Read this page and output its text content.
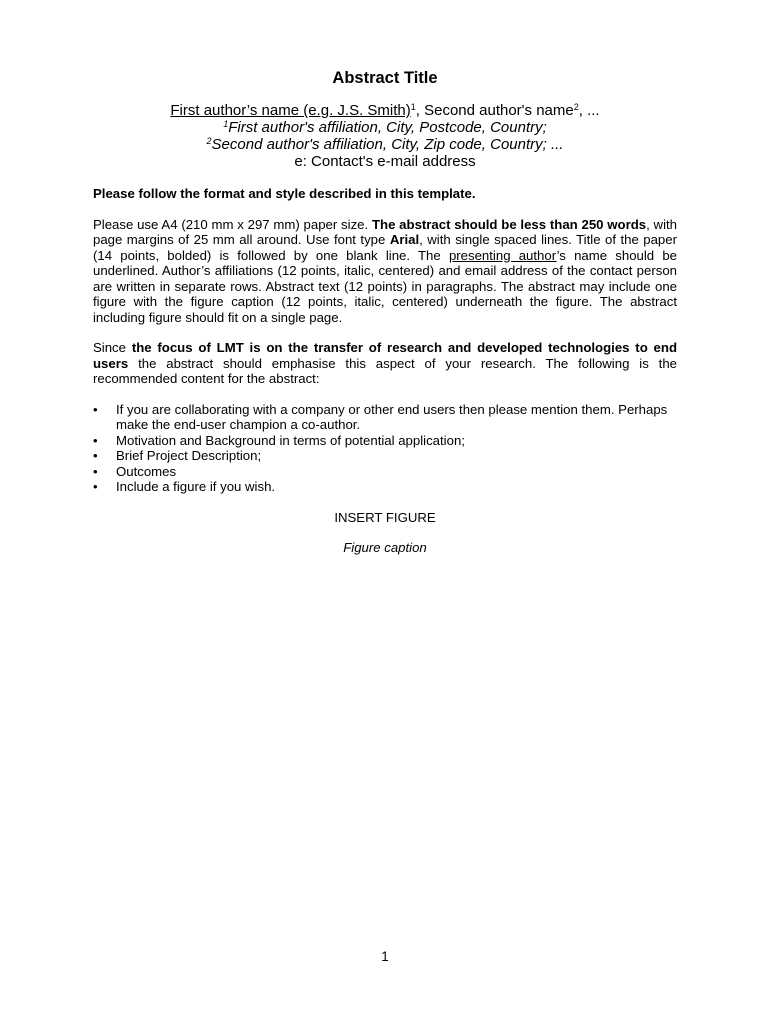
Abstract Title
First author’s name (e.g. J.S. Smith)$^1$, Second author's name$^2$, ...
$^1$First author's affiliation, City, Postcode, Country;
$^2$Second author's affiliation, City, Zip code, Country; ...
e: Contact's e-mail address

Please follow the format and style described in this template.

Please use A4 (210 mm x 297 mm) paper size. The abstract should be less than 250 words, with page margins of 25 mm all around. Use font type Arial, with single spaced lines. Title of the paper (14 points, bolded) is followed by one blank line. The presenting author’s name should be underlined. Author’s affiliations (12 points, italic, centered) and email address of the contact person are written in separate rows. Abstract text (12 points) in paragraphs. The abstract may include one figure with the figure caption (12 points, italic, centered) underneath the figure. The abstract including figure should fit on a single page.

Since the focus of LMT is on the transfer of research and developed technologies to end users the abstract should emphasise this aspect of your research. The following is the recommended content for the abstract:

• If you are collaborating with a company or other end users then please mention them. Perhaps make the end-user champion a co-author.
• Motivation and Background in terms of potential application;
• Brief Project Description;
• Outcomes
• Include a figure if you wish.
INSERT FIGURE
Figure caption
1
